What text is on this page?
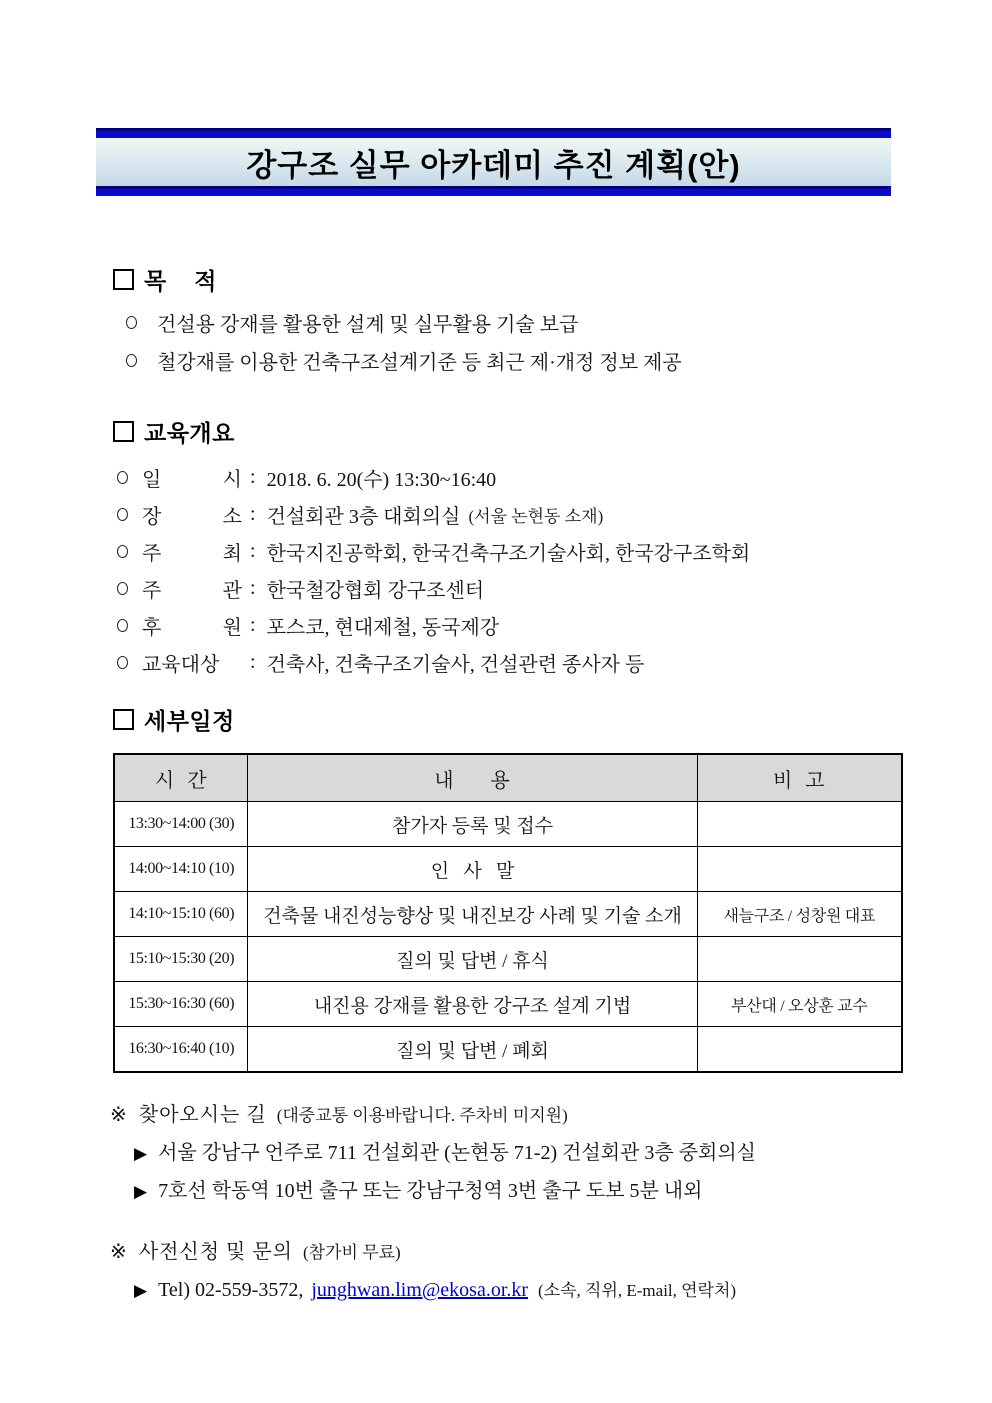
강구조 실무 아카데미 추진 계획(안)
목    적
건설용 강재를 활용한 설계 및 실무활용 기술 보급
철강재를 이용한 건축구조설계기준 등 최근 제·개정 정보 제공
교육개요
일 시 : 2018. 6. 20(수) 13:30~16:40
장 소 : 건설회관 3층 대회의실 (서울 논현동 소재)
주 최 : 한국지진공학회, 한국건축구조기술사회, 한국강구조학회
주 관 : 한국철강협회 강구조센터
후 원 : 포스코, 현대제철, 동국제강
교육대상	: 건축사, 건축구조기술사, 건설관련 종사자 등
세부일정
시  간	내      용	비  고
13:30~14:00 (30)	참가자 등록 및 접수	
14:00~14:10 (10)	인   사   말	
14:10~15:10 (60)	건축물 내진성능향상 및 내진보강 사례 및 기술 소개	새늘구조 / 성창원 대표
15:10~15:30 (20)	질의 및 답변 / 휴식	
15:30~16:30 (60)	내진용 강재를 활용한 강구조 설계 기법	부산대 / 오상훈 교수
16:30~16:40 (10)	질의 및 답변 / 폐회	
※ 찾아오시는 길 (대중교통 이용바랍니다. 주차비 미지원)
▶ 서울 강남구 언주로 711 건설회관 (논현동 71-2) 건설회관 3층 중회의실
▶ 7호선 학동역 10번 출구 또는 강남구청역 3번 출구 도보 5분 내외
※ 사전신청 및 문의 (참가비 무료)
▶ Tel) 02-559-3572, junghwan.lim@ekosa.or.kr (소속, 직위, E-mail, 연락처)
